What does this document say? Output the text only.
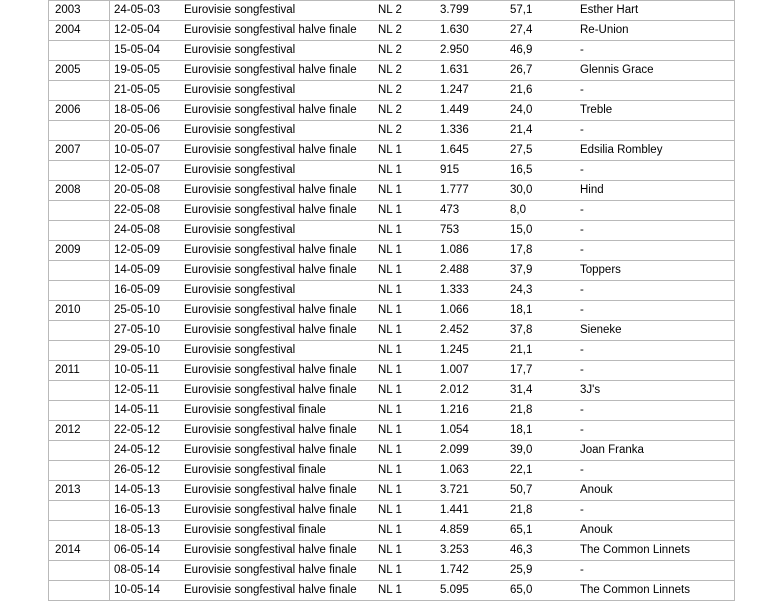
2003	24-05-03	Eurovisie songfestival	NL 2	3.799	57,1	Esther Hart
2004	12-05-04	Eurovisie songfestival halve finale	NL 2	1.630	27,4	Re-Union
	15-05-04	Eurovisie songfestival	NL 2	2.950	46,9	-
2005	19-05-05	Eurovisie songfestival halve finale	NL 2	1.631	26,7	Glennis Grace
	21-05-05	Eurovisie songfestival	NL 2	1.247	21,6	-
2006	18-05-06	Eurovisie songfestival halve finale	NL 2	1.449	24,0	Treble
	20-05-06	Eurovisie songfestival	NL 2	1.336	21,4	-
2007	10-05-07	Eurovisie songfestival halve finale	NL 1	1.645	27,5	Edsilia Rombley
	12-05-07	Eurovisie songfestival	NL 1	915	16,5	-
2008	20-05-08	Eurovisie songfestival halve finale	NL 1	1.777	30,0	Hind
	22-05-08	Eurovisie songfestival halve finale	NL 1	473	8,0	-
	24-05-08	Eurovisie songfestival	NL 1	753	15,0	-
2009	12-05-09	Eurovisie songfestival halve finale	NL 1	1.086	17,8	-
	14-05-09	Eurovisie songfestival halve finale	NL 1	2.488	37,9	Toppers
	16-05-09	Eurovisie songfestival	NL 1	1.333	24,3	-
2010	25-05-10	Eurovisie songfestival halve finale	NL 1	1.066	18,1	-
	27-05-10	Eurovisie songfestival halve finale	NL 1	2.452	37,8	Sieneke
	29-05-10	Eurovisie songfestival	NL 1	1.245	21,1	-
2011	10-05-11	Eurovisie songfestival halve finale	NL 1	1.007	17,7	-
	12-05-11	Eurovisie songfestival halve finale	NL 1	2.012	31,4	3J's
	14-05-11	Eurovisie songfestival finale	NL 1	1.216	21,8	-
2012	22-05-12	Eurovisie songfestival halve finale	NL 1	1.054	18,1	-
	24-05-12	Eurovisie songfestival halve finale	NL 1	2.099	39,0	Joan Franka
	26-05-12	Eurovisie songfestival finale	NL 1	1.063	22,1	-
2013	14-05-13	Eurovisie songfestival halve finale	NL 1	3.721	50,7	Anouk
	16-05-13	Eurovisie songfestival halve finale	NL 1	1.441	21,8	-
	18-05-13	Eurovisie songfestival finale	NL 1	4.859	65,1	Anouk
2014	06-05-14	Eurovisie songfestival halve finale	NL 1	3.253	46,3	The Common Linnets
	08-05-14	Eurovisie songfestival halve finale	NL 1	1.742	25,9	-
	10-05-14	Eurovisie songfestival halve finale	NL 1	5.095	65,0	The Common Linnets
